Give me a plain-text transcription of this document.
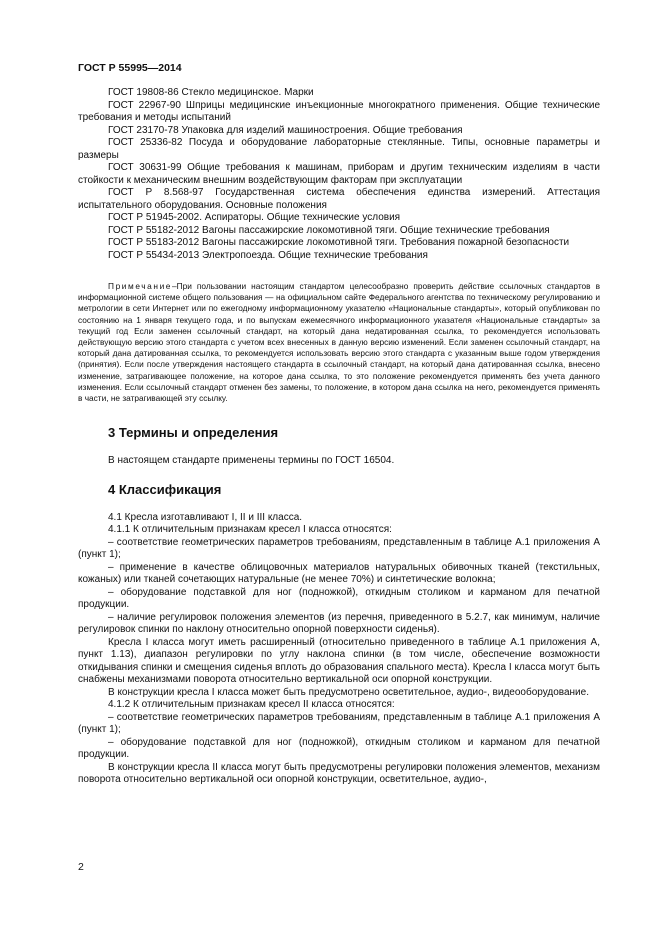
ГОСТ Р 55995—2014

ГОСТ 19808-86 Стекло медицинское. Марки

ГОСТ 22967-90 Шприцы медицинские инъекционные многократного применения. Общие технические требования и методы испытаний

ГОСТ 23170-78 Упаковка для изделий машиностроения. Общие требования

ГОСТ 25336-82 Посуда и оборудование лабораторные стеклянные. Типы, основные параметры и размеры

ГОСТ 30631-99 Общие требования к машинам, приборам и другим техническим изделиям в части стойкости к механическим внешним воздействующим факторам при эксплуатации

ГОСТ Р 8.568-97 Государственная система обеспечения единства измерений. Аттестация испытательного оборудования. Основные положения

ГОСТ Р 51945-2002. Аспираторы. Общие технические условия

ГОСТ Р 55182-2012 Вагоны пассажирские локомотивной тяги. Общие технические требования

ГОСТ Р 55183-2012 Вагоны пассажирские локомотивной тяги. Требования пожарной безопасности

ГОСТ Р 55434-2013 Электропоезда. Общие технические требования

Примечание–При пользовании настоящим стандартом целесообразно проверить действие ссылочных стандартов в информационной системе общего пользования — на официальном сайте Федерального агентства по техническому регулированию и метрологии в сети Интернет или по ежегодному информационному указателю «Национальные стандарты», который опубликован по состоянию на 1 января текущего года, и по выпускам ежемесячного информационного указателя «Национальные стандарты» за текущий год Если заменен ссылочный стандарт, на который дана недатированная ссылка, то рекомендуется использовать действующую версию этого стандарта с учетом всех внесенных в данную версию изменений. Если заменен ссылочный стандарт, на который дана датированная ссылка, то рекомендуется использовать версию этого стандарта с указанным выше годом утверждения (принятия). Если после утверждения настоящего стандарта в ссылочный стандарт, на который дана датированная ссылка, внесено изменение, затрагивающее положение, на которое дана ссылка, то это положение рекомендуется применять без учета данного изменения. Если ссылочный стандарт отменен без замены, то положение, в котором дана ссылка на него, рекомендуется применять в части, не затрагивающей эту ссылку.

3 Термины и определения

В настоящем стандарте применены термины по ГОСТ 16504.

4 Классификация

4.1 Кресла изготавливают I, II и III класса.

4.1.1 К отличительным признакам кресел I класса относятся:

– соответствие геометрических параметров требованиям, представленным в таблице А.1 приложения А (пункт 1);

– применение в качестве облицовочных материалов натуральных обивочных тканей (текстильных, кожаных) или тканей сочетающих натуральные (не менее 70%) и синтетические волокна;

– оборудование подставкой для ног (подножкой), откидным столиком и карманом для печатной продукции.

– наличие регулировок положения элементов (из перечня, приведенного в 5.2.7, как минимум, наличие регулировок спинки по наклону относительно опорной поверхности сиденья).

Кресла I класса могут иметь расширенный (относительно приведенного в таблице А.1 приложения А, пункт 1.13), диапазон регулировки по углу наклона спинки (в том числе, обеспечение возможности откидывания спинки и смещения сиденья вплоть до образования спального места). Кресла I класса могут быть снабжены механизмами поворота относительно вертикальной оси опорной конструкции.

В конструкции кресла I класса может быть предусмотрено осветительное, аудио-, видеооборудование.

4.1.2 К отличительным признакам кресел II класса относятся:

– соответствие геометрических параметров требованиям, представленным в таблице А.1 приложения А (пункт 1);

– оборудование подставкой для ног (подножкой), откидным столиком и карманом для печатной продукции.

В конструкции кресла II класса могут быть предусмотрены регулировки положения элементов, механизм поворота относительно вертикальной оси опорной конструкции, осветительное, аудио-,

2
